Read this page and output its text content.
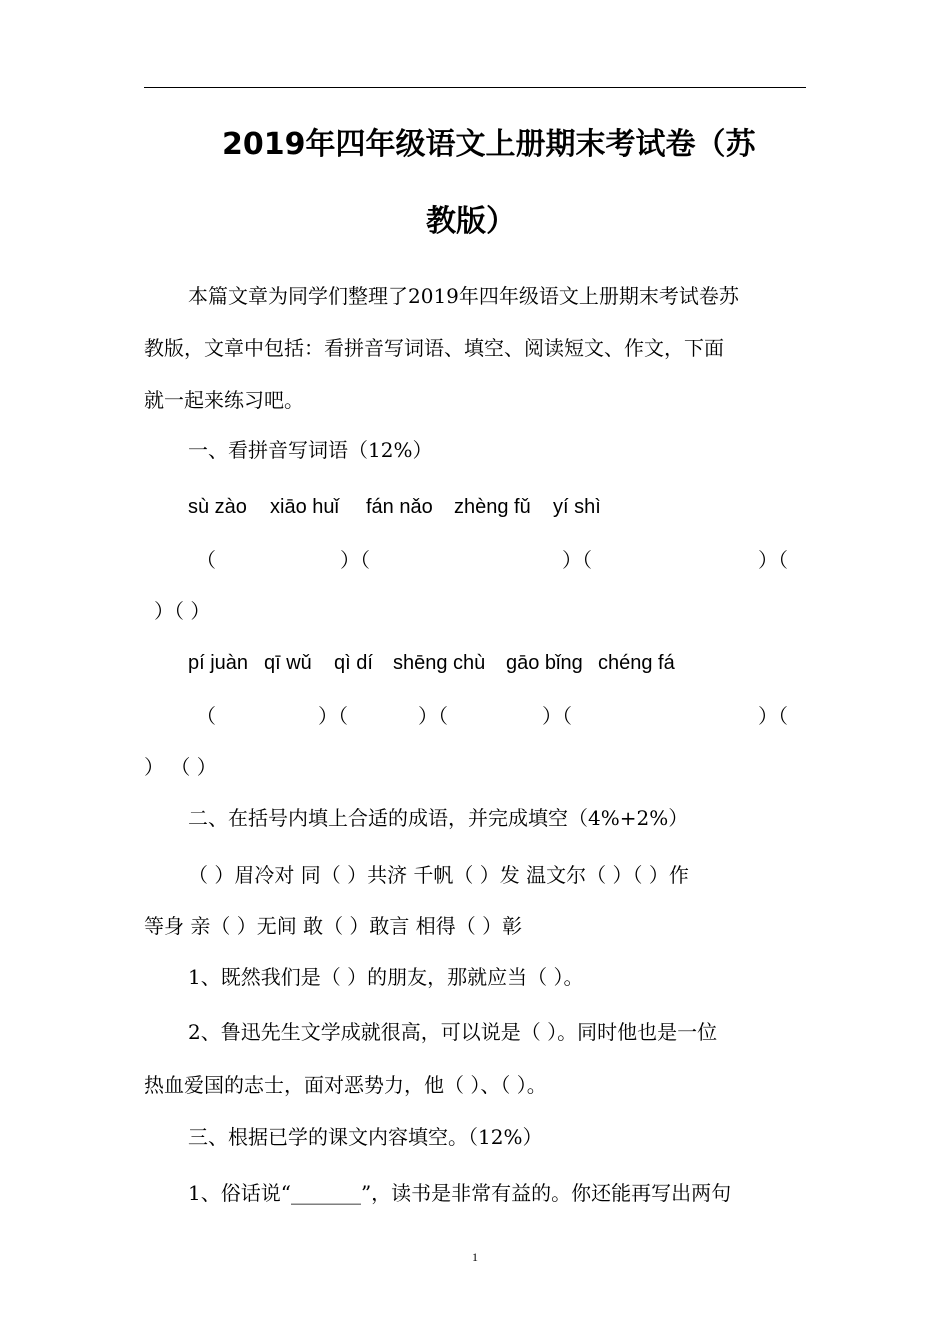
2019年四年级语文上册期末考试卷（苏
教版）
本篇文章为同学们整理了2019年四年级语文上册期末考试卷苏
教版，文章中包括：看拼音写词语、填空、阅读短文、作文，下面
就一起来练习吧。
一、看拼音写词语（12%）
sù zào xiāo huǐ fán nǎo zhèng fǔ yí shì
（	）（	）（	）（
）（ ）
pí juàn qī wǔ qì dí shēng chù gāo bǐng chéng fá
（	）（	）（	）（	）（
） （ ）
二、在括号内填上合适的成语，并完成填空（4%+2%）
（ ）眉冷对 同（ ）共济 千帆（ ）发 温文尔（ ）（ ）作
等身 亲（ ）无间 敢（ ）敢言 相得（ ）彰
1、既然我们是（ ）的朋友，那就应当（ ）。
2、鲁迅先生文学成就很高，可以说是（ ）。同时他也是一位
热血爱国的志士，面对恶势力，他（ ）、（ ）。
三、根据已学的课文内容填空。（12%）
1、俗话说“_______”，读书是非常有益的。你还能再写出两句
1
